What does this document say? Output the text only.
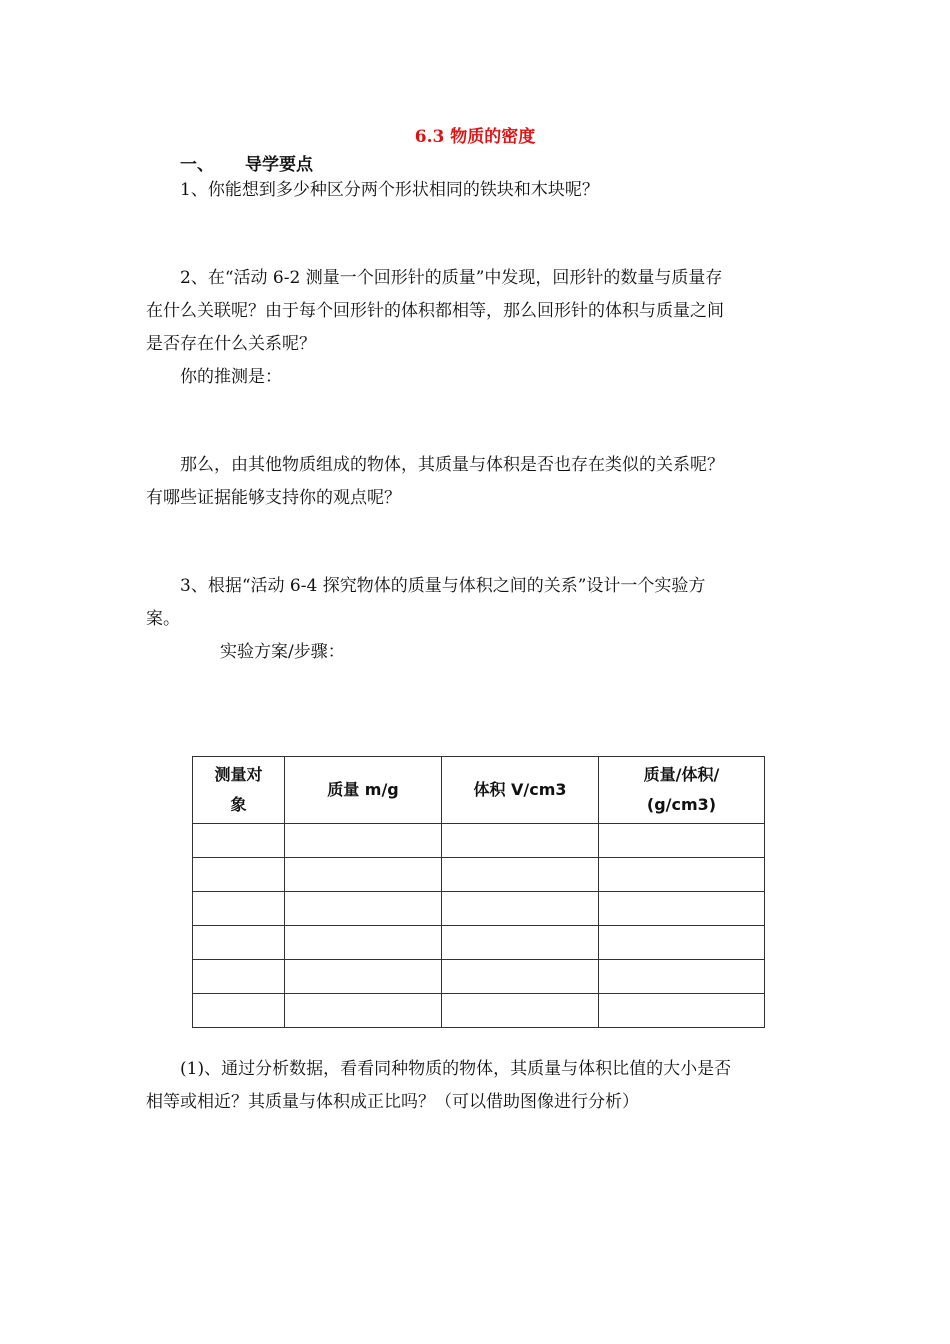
6.3 物质的密度
一、 导学要点
1、你能想到多少种区分两个形状相同的铁块和木块呢？
2、在“活动 6-2 测量一个回形针的质量”中发现，回形针的数量与质量存
在什么关联呢？由于每个回形针的体积都相等，那么回形针的体积与质量之间
是否存在什么关系呢？
你的推测是：
那么，由其他物质组成的物体，其质量与体积是否也存在类似的关系呢？
有哪些证据能够支持你的观点呢？
3、根据“活动 6-4 探究物体的质量与体积之间的关系”设计一个实验方
案。
实验方案/步骤：
测量对象	质量 m/g	体积 V/cm3	质量/体积/(g/cm3)

(1)、通过分析数据，看看同种物质的物体，其质量与体积比值的大小是否
相等或相近？其质量与体积成正比吗？（可以借助图像进行分析）
